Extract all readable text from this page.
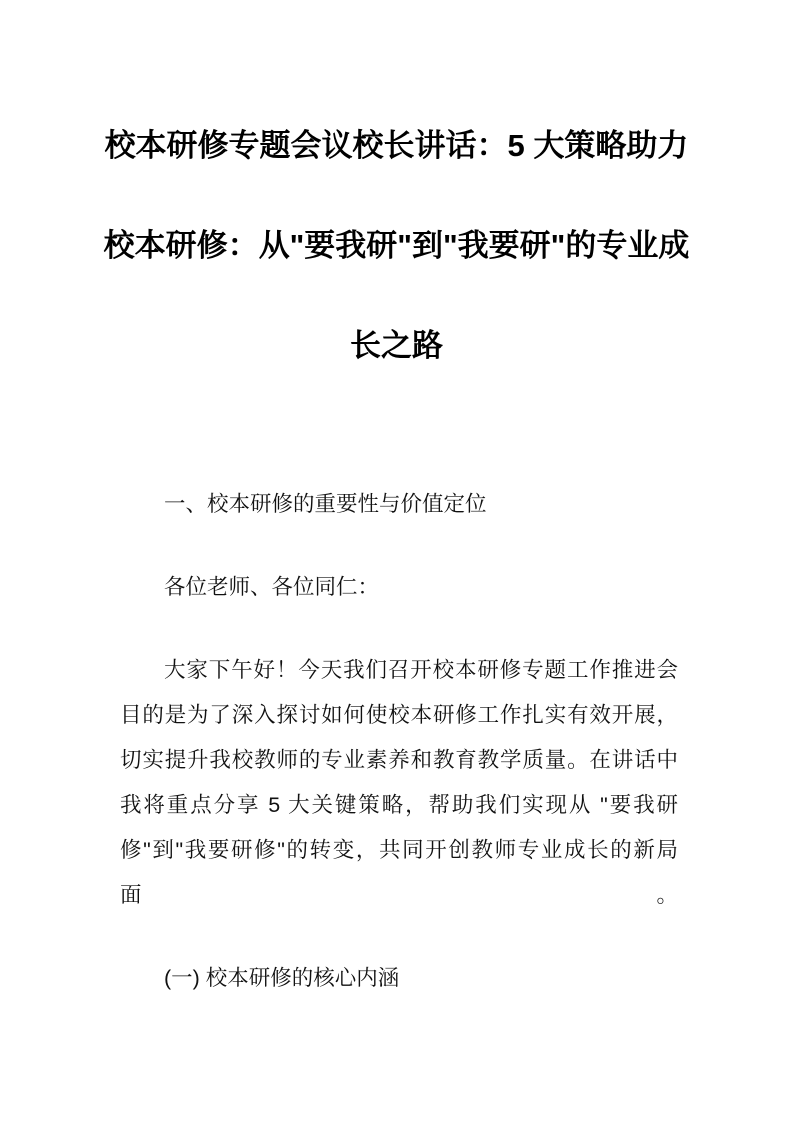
校本研修专题会议校长讲话：5 大策略助力
校本研修：从"要我研"到"我要研"的专业成
长之路

一、校本研修的重要性与价值定位

各位老师、各位同仁：

大家下午好！今天我们召开校本研修专题工作推进会
目的是为了深入探讨如何使校本研修工作扎实有效开展，
切实提升我校教师的专业素养和教育教学质量。在讲话中
我将重点分享 5 大关键策略，帮助我们实现从 "要我研
修"到"我要研修"的转变，共同开创教师专业成长的新局面。

(一) 校本研修的核心内涵
